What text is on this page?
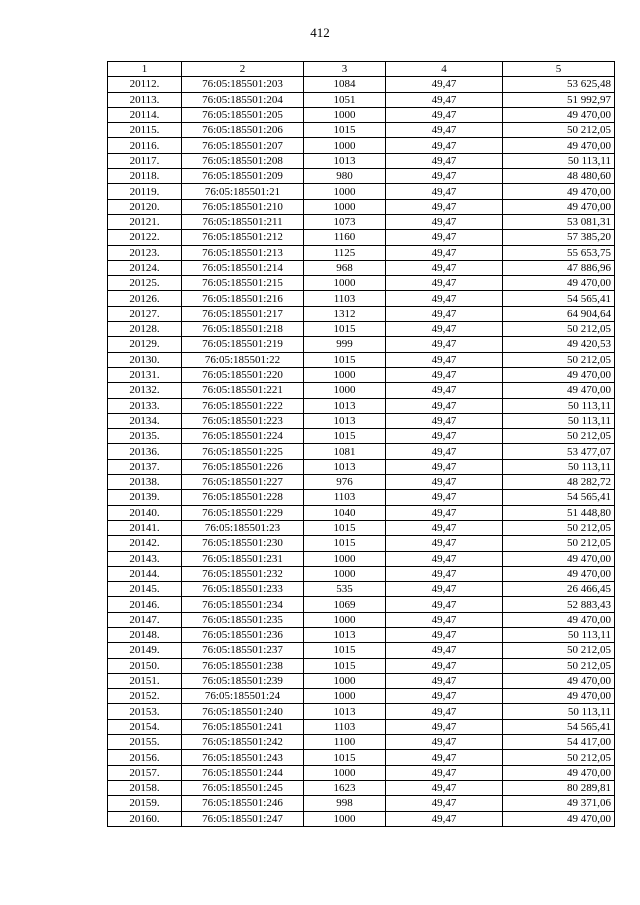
412
1	2	3	4	5
20112.	76:05:185501:203	1084	49,47	53 625,48
20113.	76:05:185501:204	1051	49,47	51 992,97
20114.	76:05:185501:205	1000	49,47	49 470,00
20115.	76:05:185501:206	1015	49,47	50 212,05
20116.	76:05:185501:207	1000	49,47	49 470,00
20117.	76:05:185501:208	1013	49,47	50 113,11
20118.	76:05:185501:209	980	49,47	48 480,60
20119.	76:05:185501:21	1000	49,47	49 470,00
20120.	76:05:185501:210	1000	49,47	49 470,00
20121.	76:05:185501:211	1073	49,47	53 081,31
20122.	76:05:185501:212	1160	49,47	57 385,20
20123.	76:05:185501:213	1125	49,47	55 653,75
20124.	76:05:185501:214	968	49,47	47 886,96
20125.	76:05:185501:215	1000	49,47	49 470,00
20126.	76:05:185501:216	1103	49,47	54 565,41
20127.	76:05:185501:217	1312	49,47	64 904,64
20128.	76:05:185501:218	1015	49,47	50 212,05
20129.	76:05:185501:219	999	49,47	49 420,53
20130.	76:05:185501:22	1015	49,47	50 212,05
20131.	76:05:185501:220	1000	49,47	49 470,00
20132.	76:05:185501:221	1000	49,47	49 470,00
20133.	76:05:185501:222	1013	49,47	50 113,11
20134.	76:05:185501:223	1013	49,47	50 113,11
20135.	76:05:185501:224	1015	49,47	50 212,05
20136.	76:05:185501:225	1081	49,47	53 477,07
20137.	76:05:185501:226	1013	49,47	50 113,11
20138.	76:05:185501:227	976	49,47	48 282,72
20139.	76:05:185501:228	1103	49,47	54 565,41
20140.	76:05:185501:229	1040	49,47	51 448,80
20141.	76:05:185501:23	1015	49,47	50 212,05
20142.	76:05:185501:230	1015	49,47	50 212,05
20143.	76:05:185501:231	1000	49,47	49 470,00
20144.	76:05:185501:232	1000	49,47	49 470,00
20145.	76:05:185501:233	535	49,47	26 466,45
20146.	76:05:185501:234	1069	49,47	52 883,43
20147.	76:05:185501:235	1000	49,47	49 470,00
20148.	76:05:185501:236	1013	49,47	50 113,11
20149.	76:05:185501:237	1015	49,47	50 212,05
20150.	76:05:185501:238	1015	49,47	50 212,05
20151.	76:05:185501:239	1000	49,47	49 470,00
20152.	76:05:185501:24	1000	49,47	49 470,00
20153.	76:05:185501:240	1013	49,47	50 113,11
20154.	76:05:185501:241	1103	49,47	54 565,41
20155.	76:05:185501:242	1100	49,47	54 417,00
20156.	76:05:185501:243	1015	49,47	50 212,05
20157.	76:05:185501:244	1000	49,47	49 470,00
20158.	76:05:185501:245	1623	49,47	80 289,81
20159.	76:05:185501:246	998	49,47	49 371,06
20160.	76:05:185501:247	1000	49,47	49 470,00
